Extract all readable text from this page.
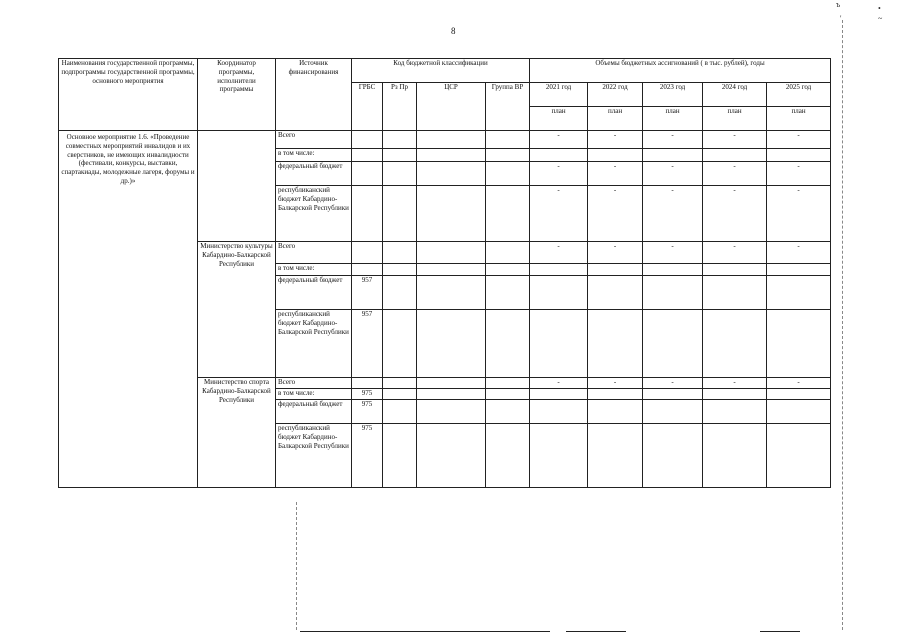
8
ъ	•
~
'
Наименования государственной программы, подпрограммы государственной программы, основного мероприятия	Координатор программы, исполнители программы	Источник финансирования	Код бюджетной классификации				Объемы бюджетных ассигнований ( в тыс. рублей), годы				
			ГРБС	Рз Пр	ЦСР	Группа ВР	2021 год	2022 год	2023 год	2024 год	2025 год
							план	план	план	план	план
Основное мероприятие 1.6. «Проведение совместных мероприятий инвалидов и их сверстников, не имеющих инвалидности (фестивали, конкурсы, выставки, спартакиады, молодежные лагеря, форумы и др.)»		Всего					-	-	-	-	-
		в том числе:									
		федеральный бюджет					-	-	-	-	-
		республиканский бюджет Кабардино-Балкарской Республики					-	-	-	-	-
	Министерство культуры Кабардино-Балкарской Республики	Всего					-	-	-	-	-
		в том числе:									
		федеральный бюджет	957								
		республиканский бюджет Кабардино-Балкарской Республики	957								
	Министерство спорта Кабардино-Балкарской Республики	Всего					-	-	-	-	-
		в том числе:	975								
		федеральный бюджет	975								
		республиканский бюджет Кабардино-Балкарской Республики	975								
